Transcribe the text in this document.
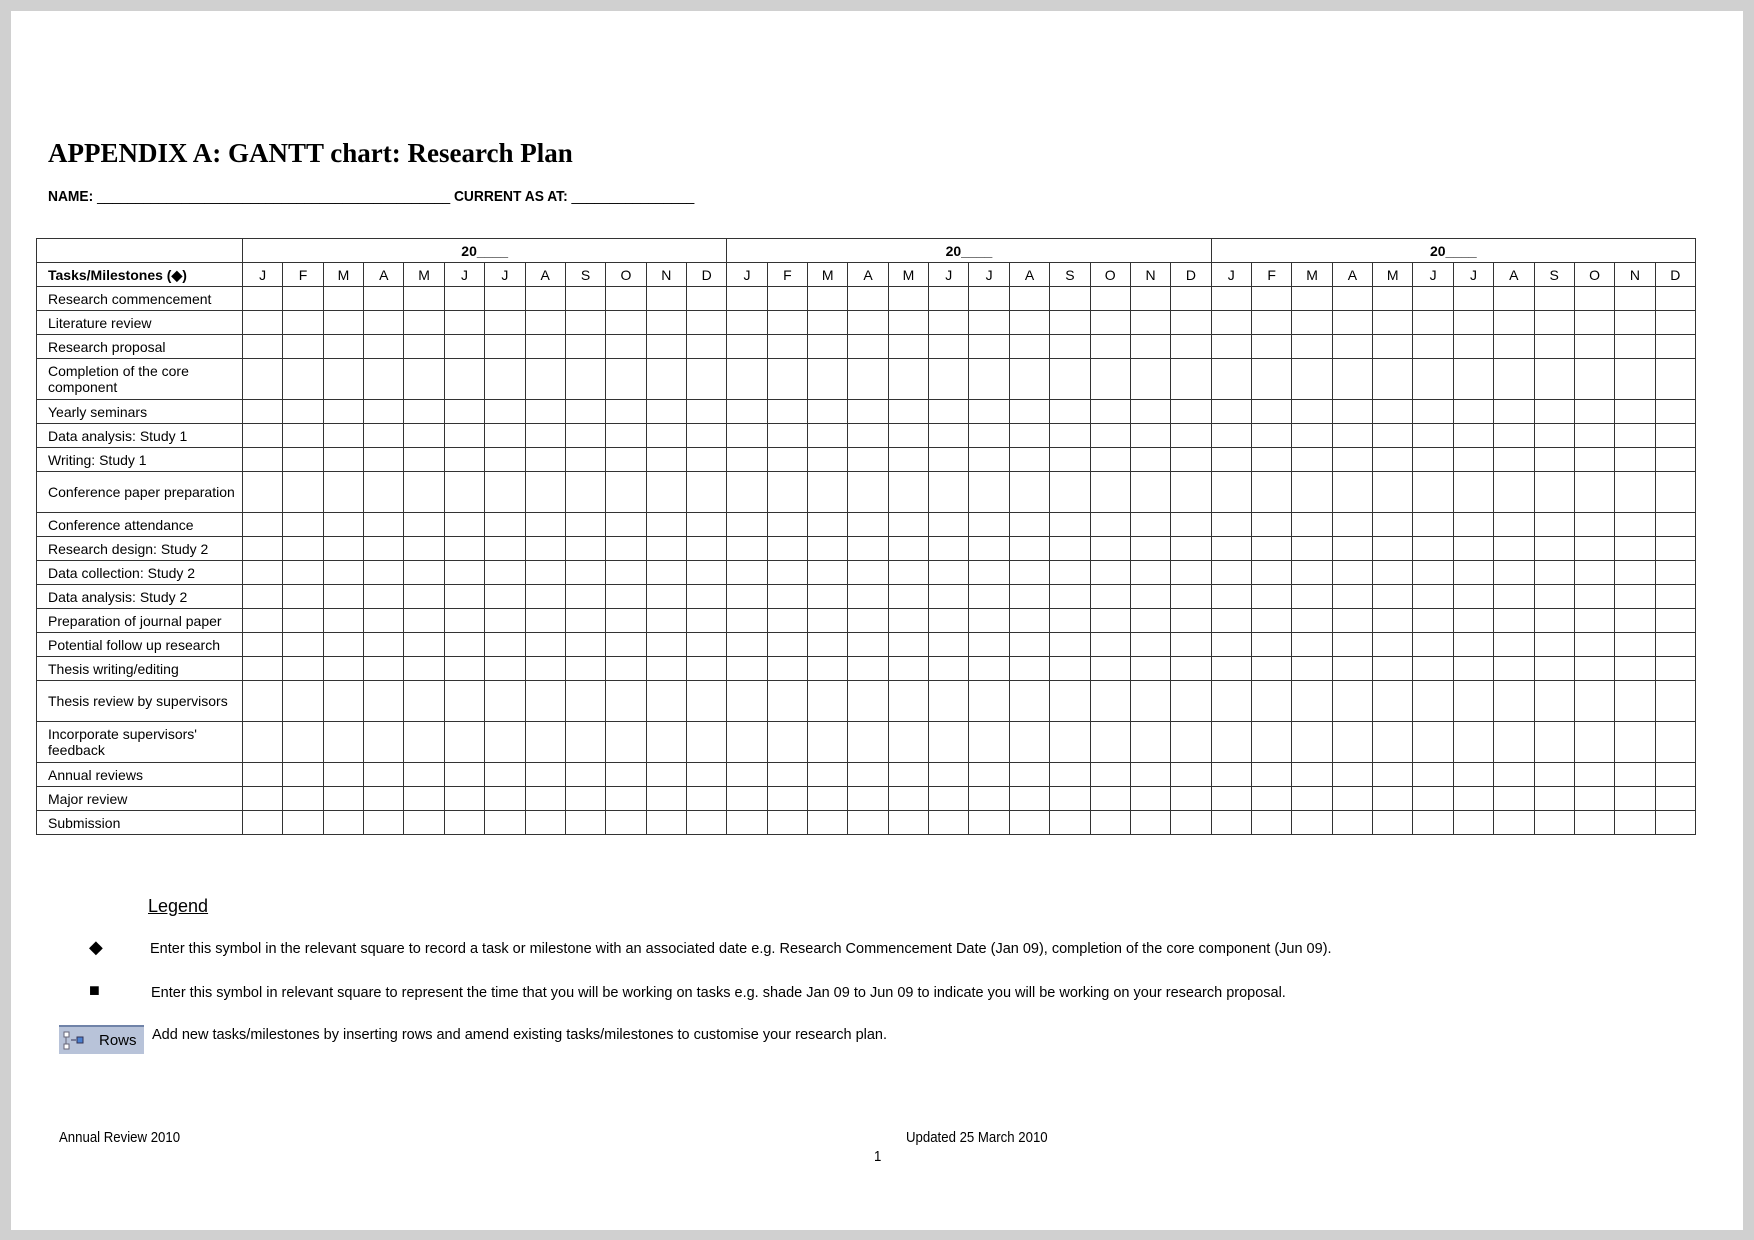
APPENDIX A: GANTT chart: Research Plan
NAME: ______________________________________________ CURRENT AS AT: ________________
	20____												20____												20____											
Tasks/Milestones (◆)	J	F	M	A	M	J	J	A	S	O	N	D	J	F	M	A	M	J	J	A	S	O	N	D	J	F	M	A	M	J	J	A	S	O	N	D
Research commencement																																				
Literature review																																				
Research proposal																																				
Completion of the core component																																				
Yearly seminars																																				
Data analysis: Study 1																																				
Writing: Study 1																																				
Conference paper preparation																																				
Conference attendance																																				
Research design: Study 2																																				
Data collection: Study 2																																				
Data analysis: Study 2																																				
Preparation of journal paper																																				
Potential follow up research																																				
Thesis writing/editing																																				
Thesis review by supervisors																																				
Incorporate supervisors' feedback																																				
Annual reviews																																				
Major review																																				
Submission																																				
Legend
◆	Enter this symbol in the relevant square to record a task or milestone with an associated date e.g. Research Commencement Date (Jan 09), completion of the core component (Jun 09).
■	Enter this symbol in relevant square to represent the time that you will be working on tasks e.g. shade Jan 09 to Jun 09 to indicate you will be working on your research proposal.
Rows Add new tasks/milestones by inserting rows and amend existing tasks/milestones to customise your research plan.
Annual Review 2010	Updated 25 March 2010
1
